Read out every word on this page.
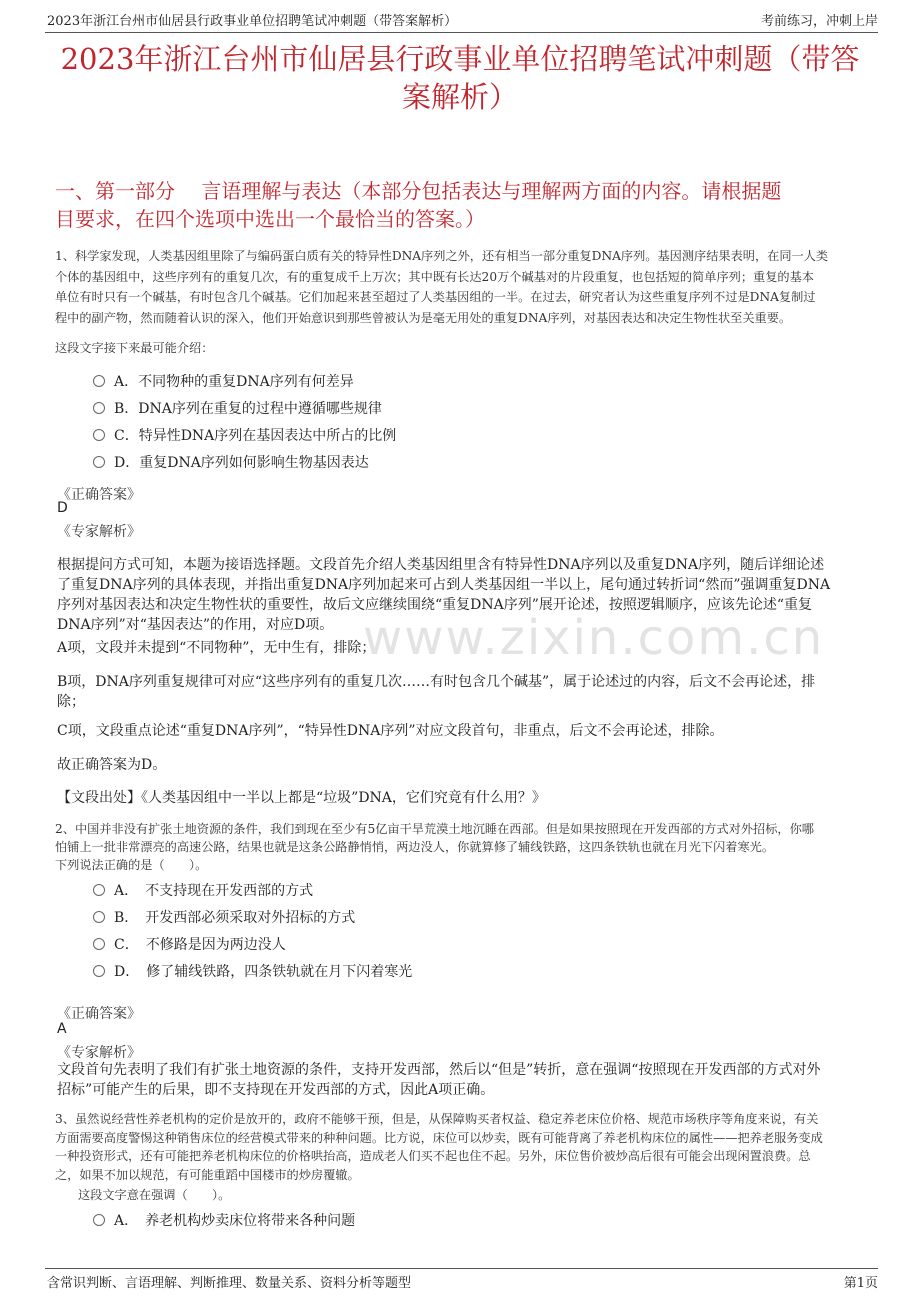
2023年浙江台州市仙居县行政事业单位招聘笔试冲刺题（带答案解析）	考前练习，冲刺上岸
www.zixin.com.cn
2023年浙江台州市仙居县行政事业单位招聘笔试冲刺题（带答
案解析）
一、第一部分　 言语理解与表达（本部分包括表达与理解两方面的内容。请根据题
目要求，在四个选项中选出一个最恰当的答案。）
1、科学家发现，人类基因组里除了与编码蛋白质有关的特异性DNA序列之外，还有相当一部分重复DNA序列。基因测序结果表明，在同一人类
个体的基因组中，这些序列有的重复几次，有的重复成千上万次；其中既有长达20万个碱基对的片段重复，也包括短的简单序列；重复的基本
单位有时只有一个碱基，有时包含几个碱基。它们加起来甚至超过了人类基因组的一半。在过去，研究者认为这些重复序列不过是DNA复制过
程中的副产物，然而随着认识的深入，他们开始意识到那些曾被认为是毫无用处的重复DNA序列，对基因表达和决定生物性状至关重要。
这段文字接下来最可能介绍：
A．不同物种的重复DNA序列有何差异
B．DNA序列在重复的过程中遵循哪些规律
C．特异性DNA序列在基因表达中所占的比例
D．重复DNA序列如何影响生物基因表达
《正确答案》
D
《专家解析》
根据提问方式可知，本题为接语选择题。文段首先介绍人类基因组里含有特异性DNA序列以及重复DNA序列，随后详细论述
了重复DNA序列的具体表现，并指出重复DNA序列加起来可占到人类基因组一半以上，尾句通过转折词“然而”强调重复DNA
序列对基因表达和决定生物性状的重要性，故后文应继续围绕“重复DNA序列”展开论述，按照逻辑顺序，应该先论述“重复
DNA序列”对“基因表达”的作用，对应D项。
A项，文段并未提到“不同物种”，无中生有，排除；
B项，DNA序列重复规律可对应“这些序列有的重复几次……有时包含几个碱基”，属于论述过的内容，后文不会再论述，排
除；
C项，文段重点论述“重复DNA序列”，“特异性DNA序列”对应文段首句，非重点，后文不会再论述，排除。
故正确答案为D。
【文段出处】《人类基因组中一半以上都是“垃圾”DNA，它们究竟有什么用？》
2、中国并非没有扩张土地资源的条件，我们到现在至少有5亿亩干旱荒漠土地沉睡在西部。但是如果按照现在开发西部的方式对外招标，你哪
怕铺上一批非常漂亮的高速公路，结果也就是这条公路静悄悄，两边没人，你就算修了辅线铁路，这四条铁轨也就在月光下闪着寒光。
下列说法正确的是（　　）。
A．　不支持现在开发西部的方式
B．　开发西部必须采取对外招标的方式
C．　不修路是因为两边没人
D．　修了辅线铁路，四条铁轨就在月下闪着寒光
《正确答案》
A
《专家解析》
文段首句先表明了我们有扩张土地资源的条件，支持开发西部，然后以“但是”转折，意在强调“按照现在开发西部的方式对外
招标”可能产生的后果，即不支持现在开发西部的方式，因此A项正确。
3、虽然说经营性养老机构的定价是放开的，政府不能够干预，但是，从保障购买者权益、稳定养老床位价格、规范市场秩序等角度来说，有关
方面需要高度警惕这种销售床位的经营模式带来的种种问题。比方说，床位可以炒卖，既有可能背离了养老机构床位的属性——把养老服务变成
一种投资形式，还有可能把养老机构床位的价格哄抬高，造成老人们买不起也住不起。另外，床位售价被炒高后很有可能会出现闲置浪费。总
之，如果不加以规范，有可能重蹈中国楼市的炒房覆辙。
这段文字意在强调（　　）。
A．　养老机构炒卖床位将带来各种问题
含常识判断、言语理解、判断推理、数量关系、资料分析等题型	第1页
